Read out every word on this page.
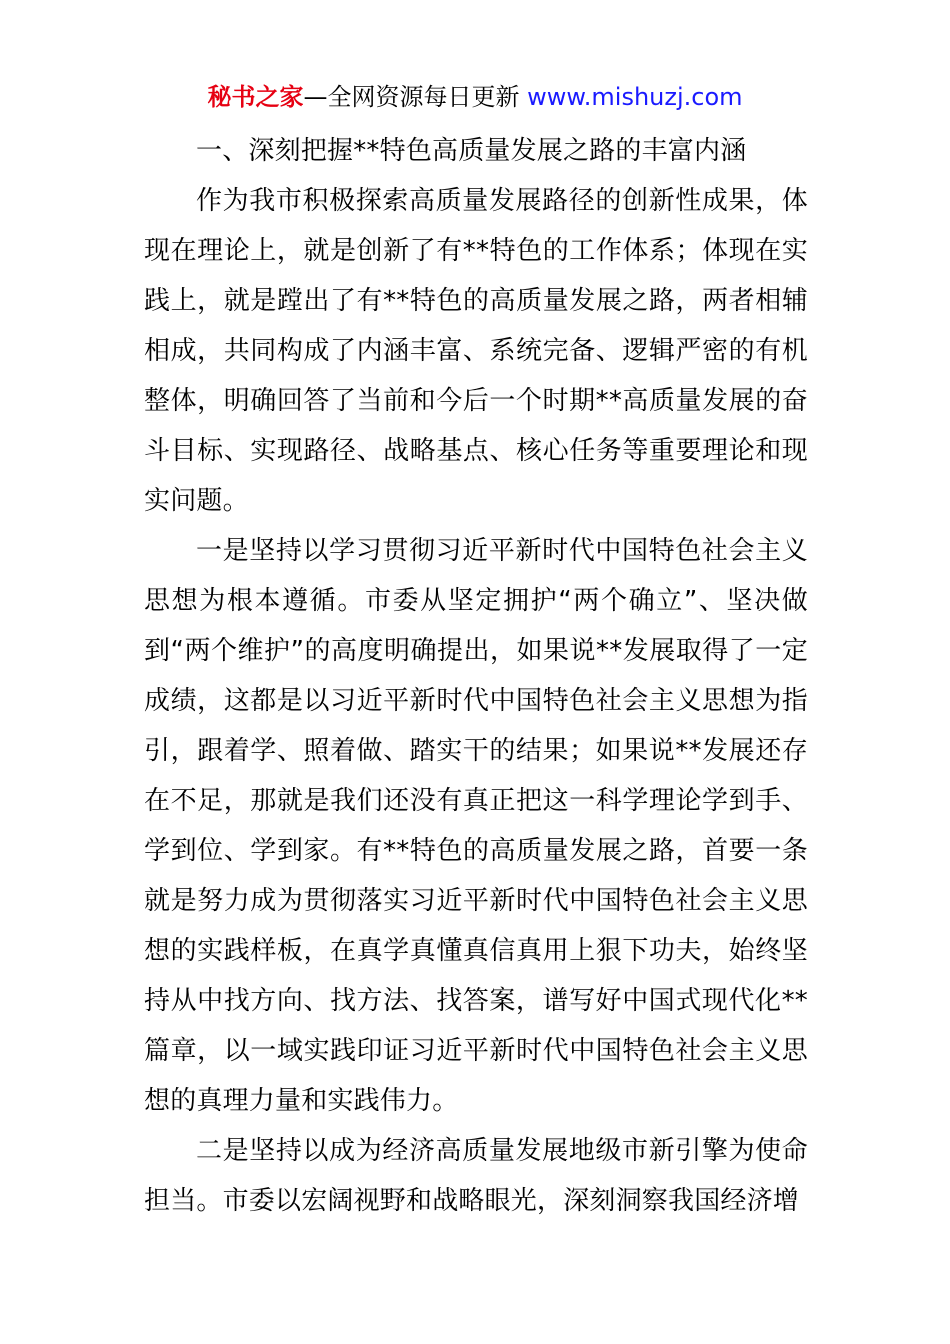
秘书之家—全网资源每日更新 www.mishuzj.com
一、深刻把握**特色高质量发展之路的丰富内涵

作为我市积极探索高质量发展路径的创新性成果，体现在理论上，就是创新了有**特色的工作体系；体现在实践上，就是蹚出了有**特色的高质量发展之路，两者相辅相成，共同构成了内涵丰富、系统完备、逻辑严密的有机整体，明确回答了当前和今后一个时期**高质量发展的奋斗目标、实现路径、战略基点、核心任务等重要理论和现实问题。

一是坚持以学习贯彻习近平新时代中国特色社会主义思想为根本遵循。市委从坚定拥护“两个确立”、坚决做到“两个维护”的高度明确提出，如果说**发展取得了一定成绩，这都是以习近平新时代中国特色社会主义思想为指引，跟着学、照着做、踏实干的结果；如果说**发展还存在不足，那就是我们还没有真正把这一科学理论学到手、学到位、学到家。有**特色的高质量发展之路，首要一条就是努力成为贯彻落实习近平新时代中国特色社会主义思想的实践样板，在真学真懂真信真用上狠下功夫，始终坚持从中找方向、找方法、找答案，谱写好中国式现代化**篇章，以一域实践印证习近平新时代中国特色社会主义思想的真理力量和实践伟力。

二是坚持以成为经济高质量发展地级市新引擎为使命担当。市委以宏阔视野和战略眼光，深刻洞察我国经济增
